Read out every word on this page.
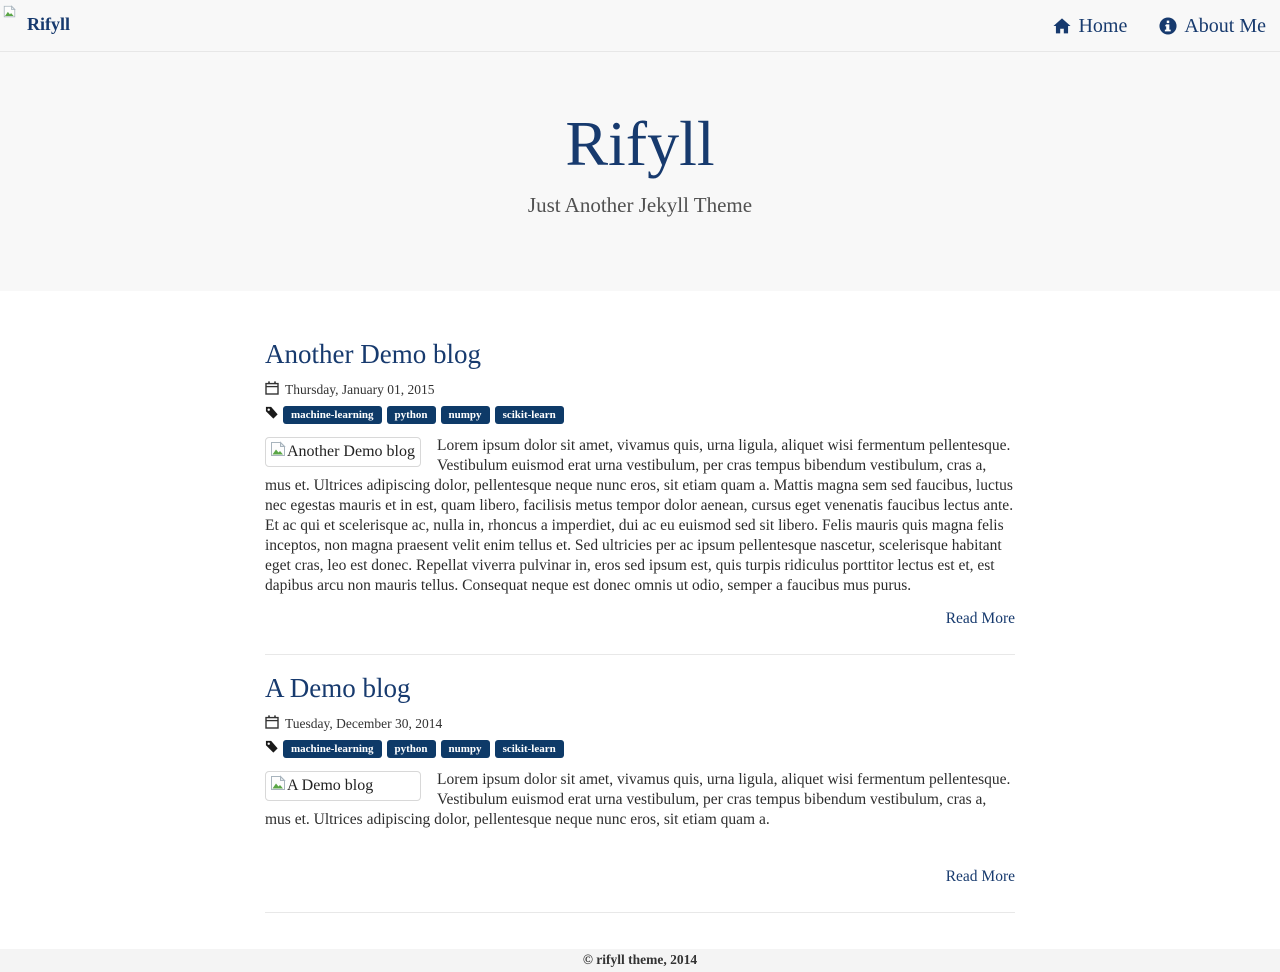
Rifyll	Home	About Me
Rifyll

Just Another Jekyll Theme

Another Demo blog
Thursday, January 01, 2015
machine-learning	python	numpy	scikit-learn
Another Demo blog Lorem ipsum dolor sit amet, vivamus quis, urna ligula, aliquet wisi fermentum pellentesque. Vestibulum euismod erat urna vestibulum, per cras tempus bibendum vestibulum, cras a, mus et. Ultrices adipiscing dolor, pellentesque neque nunc eros, sit etiam quam a. Mattis magna sem sed faucibus, luctus nec egestas mauris et in est, quam libero, facilisis metus tempor dolor aenean, cursus eget venenatis faucibus lectus ante. Et ac qui et scelerisque ac, nulla in, rhoncus a imperdiet, dui ac eu euismod sed sit libero. Felis mauris quis magna felis inceptos, non magna praesent velit enim tellus et. Sed ultricies per ac ipsum pellentesque nascetur, scelerisque habitant eget cras, leo est donec. Repellat viverra pulvinar in, eros sed ipsum est, quis turpis ridiculus porttitor lectus est et, est dapibus arcu non mauris tellus. Consequat neque est donec omnis ut odio, semper a faucibus mus purus.
Read More
A Demo blog
Tuesday, December 30, 2014
machine-learning	python	numpy	scikit-learn
A Demo blog	Lorem ipsum dolor sit amet, vivamus quis, urna ligula, aliquet wisi fermentum pellentesque. Vestibulum euismod erat urna vestibulum, per cras tempus bibendum vestibulum, cras a, mus et. Ultrices adipiscing dolor, pellentesque neque nunc eros, sit etiam quam a.
Read More
© rifyll theme, 2014
